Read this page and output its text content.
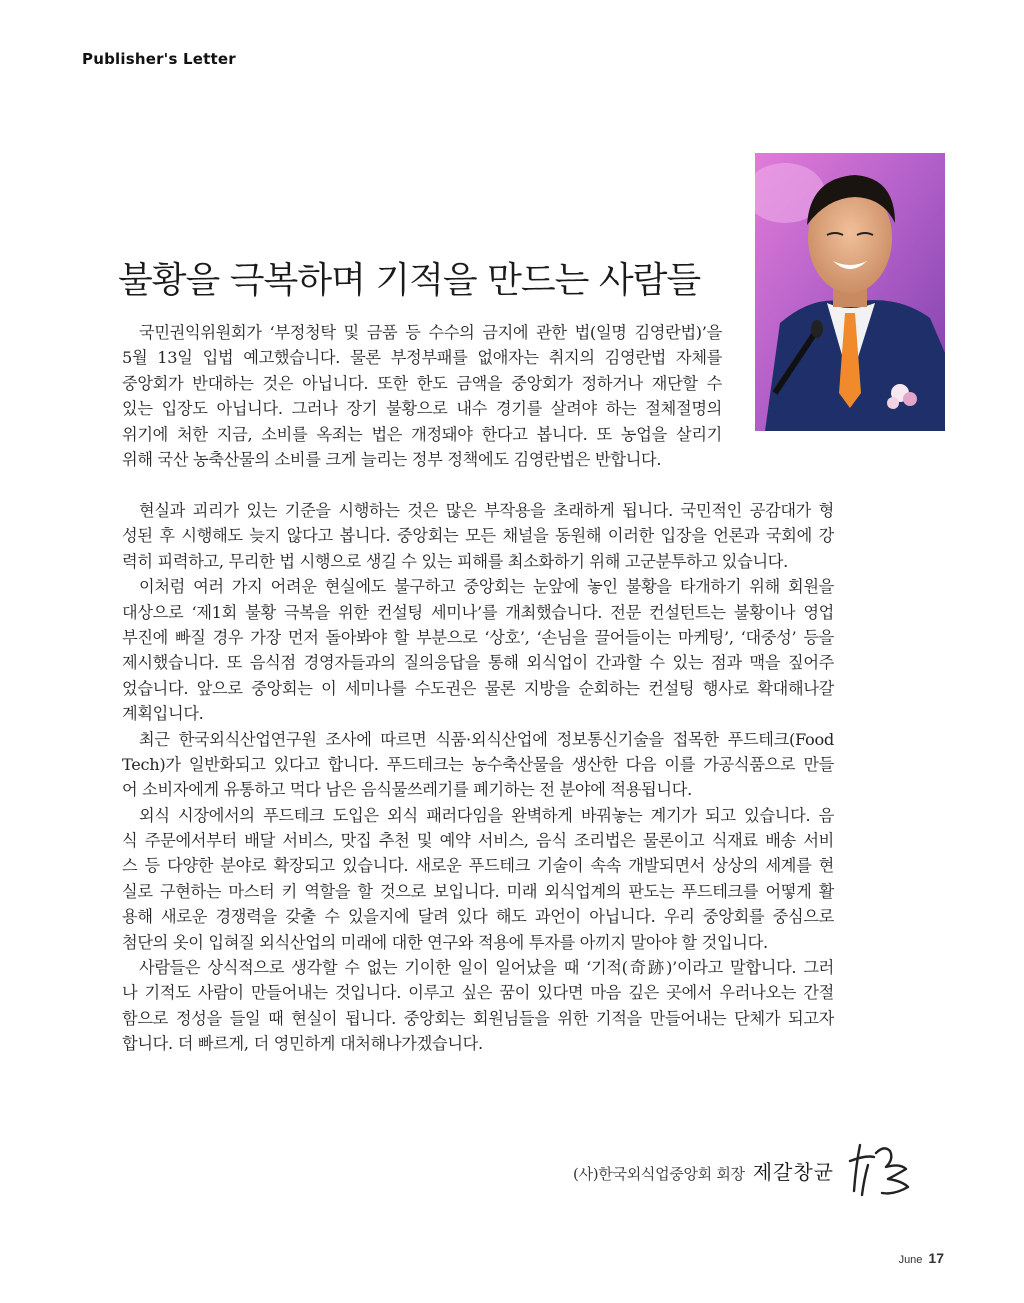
Publisher's Letter
불황을 극복하며 기적을 만드는 사람들
국민권익위원회가 ‘부정청탁 및 금품 등 수수의 금지에 관한 법(일명 김영란법)’을
5월 13일 입법 예고했습니다. 물론 부정부패를 없애자는 취지의 김영란법 자체를
중앙회가 반대하는 것은 아닙니다. 또한 한도 금액을 중앙회가 정하거나 재단할 수
있는 입장도 아닙니다. 그러나 장기 불황으로 내수 경기를 살려야 하는 절체절명의
위기에 처한 지금, 소비를 옥죄는 법은 개정돼야 한다고 봅니다. 또 농업을 살리기
위해 국산 농축산물의 소비를 크게 늘리는 정부 정책에도 김영란법은 반합니다.
현실과 괴리가 있는 기준을 시행하는 것은 많은 부작용을 초래하게 됩니다. 국민적인 공감대가 형
성된 후 시행해도 늦지 않다고 봅니다. 중앙회는 모든 채널을 동원해 이러한 입장을 언론과 국회에 강
력히 피력하고, 무리한 법 시행으로 생길 수 있는 피해를 최소화하기 위해 고군분투하고 있습니다.
이처럼 여러 가지 어려운 현실에도 불구하고 중앙회는 눈앞에 놓인 불황을 타개하기 위해 회원을
대상으로 ‘제1회 불황 극복을 위한 컨설팅 세미나’를 개최했습니다. 전문 컨설턴트는 불황이나 영업
부진에 빠질 경우 가장 먼저 돌아봐야 할 부분으로 ‘상호’, ‘손님을 끌어들이는 마케팅’, ‘대중성’ 등을
제시했습니다. 또 음식점 경영자들과의 질의응답을 통해 외식업이 간과할 수 있는 점과 맥을 짚어주
었습니다. 앞으로 중앙회는 이 세미나를 수도권은 물론 지방을 순회하는 컨설팅 행사로 확대해나갈
계획입니다.
최근 한국외식산업연구원 조사에 따르면 식품·외식산업에 정보통신기술을 접목한 푸드테크(Food
Tech)가 일반화되고 있다고 합니다. 푸드테크는 농수축산물을 생산한 다음 이를 가공식품으로 만들
어 소비자에게 유통하고 먹다 남은 음식물쓰레기를 폐기하는 전 분야에 적용됩니다.
외식 시장에서의 푸드테크 도입은 외식 패러다임을 완벽하게 바꿔놓는 계기가 되고 있습니다. 음
식 주문에서부터 배달 서비스, 맛집 추천 및 예약 서비스, 음식 조리법은 물론이고 식재료 배송 서비
스 등 다양한 분야로 확장되고 있습니다. 새로운 푸드테크 기술이 속속 개발되면서 상상의 세계를 현
실로 구현하는 마스터 키 역할을 할 것으로 보입니다. 미래 외식업계의 판도는 푸드테크를 어떻게 활
용해 새로운 경쟁력을 갖출 수 있을지에 달려 있다 해도 과언이 아닙니다. 우리 중앙회를 중심으로
첨단의 옷이 입혀질 외식산업의 미래에 대한 연구와 적용에 투자를 아끼지 말아야 할 것입니다.
사람들은 상식적으로 생각할 수 없는 기이한 일이 일어났을 때 ‘기적(奇跡)’이라고 말합니다. 그러
나 기적도 사람이 만들어내는 것입니다. 이루고 싶은 꿈이 있다면 마음 깊은 곳에서 우러나오는 간절
함으로 정성을 들일 때 현실이 됩니다. 중앙회는 회원님들을 위한 기적을 만들어내는 단체가 되고자
합니다. 더 빠르게, 더 영민하게 대처해나가겠습니다.
(사)한국외식업중앙회 회장 제갈창균
June 17
